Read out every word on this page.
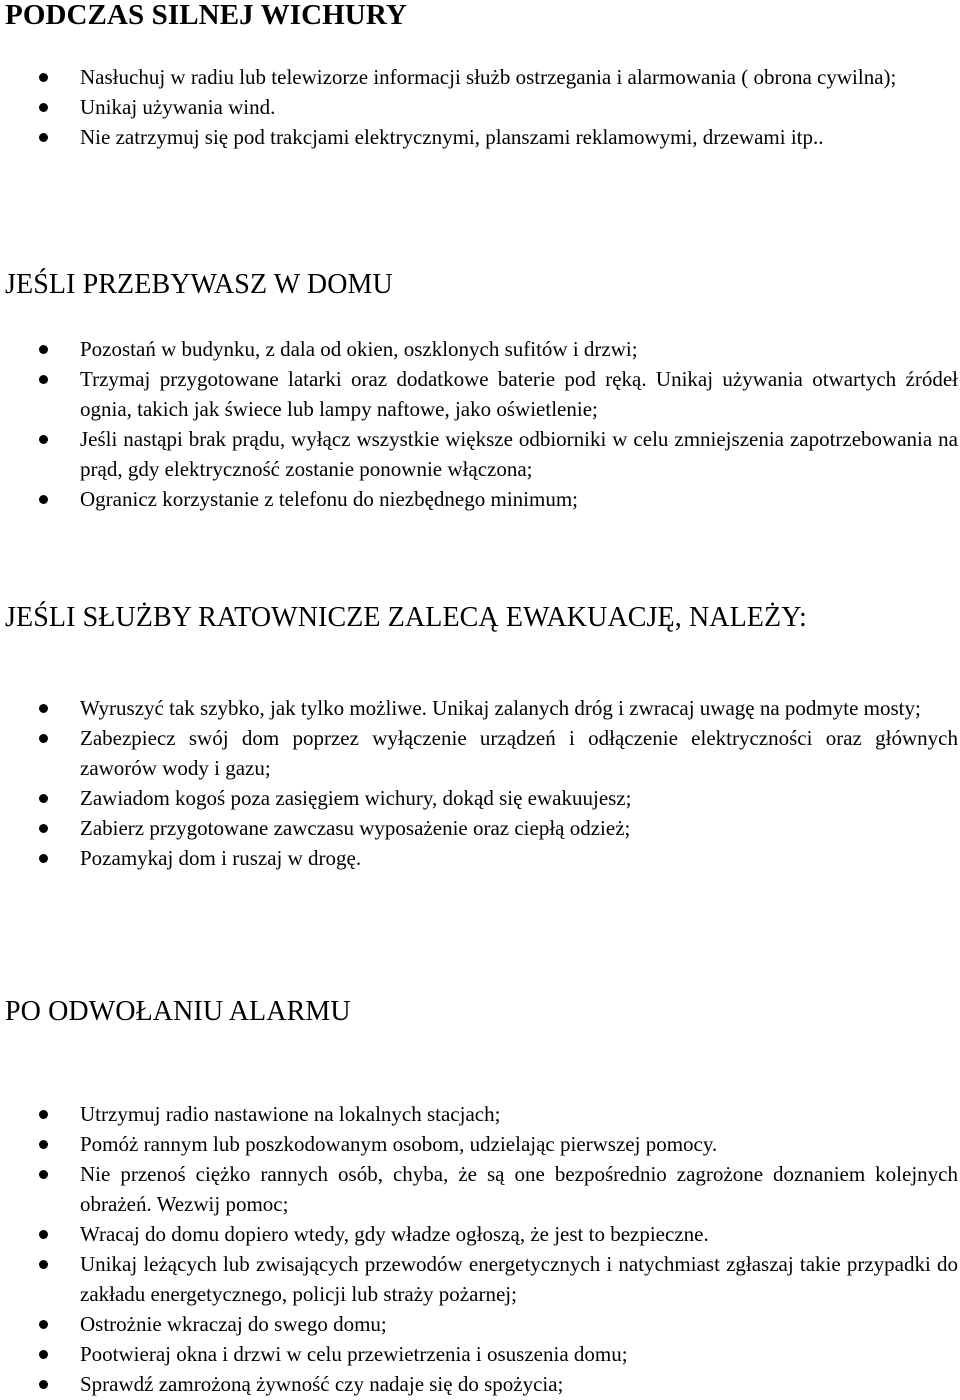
PODCZAS SILNEJ WICHURY
Nasłuchuj w radiu lub telewizorze informacji służb ostrzegania i alarmowania ( obrona cywilna);
Unikaj używania wind.
Nie zatrzymuj się pod trakcjami elektrycznymi, planszami reklamowymi, drzewami itp..
JEŚLI PRZEBYWASZ W DOMU
Pozostań w budynku, z dala od okien, oszklonych sufitów i drzwi;
Trzymaj przygotowane latarki oraz dodatkowe baterie pod ręką. Unikaj używania otwartych źródeł ognia, takich jak świece lub lampy naftowe, jako oświetlenie;
Jeśli nastąpi brak prądu, wyłącz wszystkie większe odbiorniki w celu zmniejszenia zapotrzebowania na prąd, gdy elektryczność zostanie ponownie włączona;
Ogranicz korzystanie z telefonu do niezbędnego minimum;
JEŚLI SŁUŻBY RATOWNICZE ZALECĄ EWAKUACJĘ, NALEŻY:
Wyruszyć tak szybko, jak tylko możliwe. Unikaj zalanych dróg i zwracaj uwagę na podmyte mosty;
Zabezpiecz swój dom poprzez wyłączenie urządzeń i odłączenie elektryczności oraz głównych zaworów wody i gazu;
Zawiadom kogoś poza zasięgiem wichury, dokąd się ewakuujesz;
Zabierz przygotowane zawczasu wyposażenie oraz ciepłą odzież;
Pozamykaj dom i ruszaj w drogę.
PO ODWOŁANIU ALARMU
Utrzymuj radio nastawione na lokalnych stacjach;
Pomóż rannym lub poszkodowanym osobom, udzielając pierwszej pomocy.
Nie przenoś ciężko rannych osób, chyba, że są one bezpośrednio zagrożone doznaniem kolejnych obrażeń. Wezwij pomoc;
Wracaj do domu dopiero wtedy, gdy władze ogłoszą, że jest to bezpieczne.
Unikaj leżących lub zwisających przewodów energetycznych i natychmiast zgłaszaj takie przypadki do zakładu energetycznego, policji lub straży pożarnej;
Ostrożnie wkraczaj do swego domu;
Pootwieraj okna i drzwi w celu przewietrzenia i osuszenia domu;
Sprawdź zamrożoną żywność czy nadaje się do spożycia;
